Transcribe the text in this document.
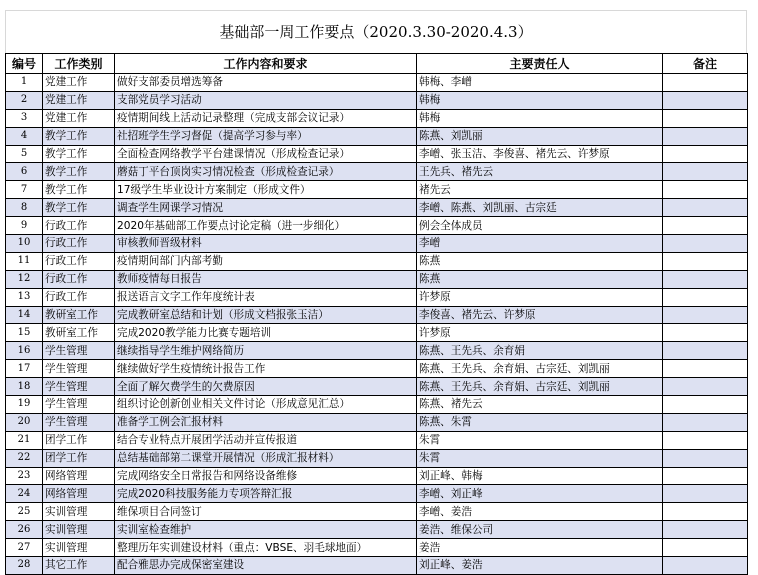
基础部一周工作要点（2020.3.30-2020.4.3）
编号	工作类别	工作内容和要求	主要责任人	备注
1	党建工作	做好支部委员增选筹备	韩梅、李嶒	
2	党建工作	支部党员学习活动	韩梅	
3	党建工作	疫情期间线上活动记录整理（完成支部会议记录）	韩梅	
4	教学工作	社招班学生学习督促（提高学习参与率）	陈燕、刘凯丽	
5	教学工作	全面检查网络教学平台建课情况（形成检查记录）	李嶒、张玉洁、李俊喜、褚先云、许梦原	
6	教学工作	蘑菇丁平台顶岗实习情况检查（形成检查记录）	王先兵、褚先云	
7	教学工作	17级学生毕业设计方案制定（形成文件）	褚先云	
8	教学工作	调查学生网课学习情况	李嶒、陈燕、刘凯丽、古宗廷	
9	行政工作	2020年基础部工作要点讨论定稿（进一步细化）	例会全体成员	
10	行政工作	审核教师晋级材料	李嶒	
11	行政工作	疫情期间部门内部考勤	陈燕	
12	行政工作	教师疫情每日报告	陈燕	
13	行政工作	报送语言文字工作年度统计表	许梦原	
14	教研室工作	完成教研室总结和计划（形成文档报张玉洁）	李俊喜、褚先云、许梦原	
15	教研室工作	完成2020教学能力比赛专题培训	许梦原	
16	学生管理	继续指导学生维护网络简历	陈燕、王先兵、余育娟	
17	学生管理	继续做好学生疫情统计报告工作	陈燕、王先兵、余育娟、古宗廷、刘凯丽	
18	学生管理	全面了解欠费学生的欠费原因	陈燕、王先兵、余育娟、古宗廷、刘凯丽	
19	学生管理	组织讨论创新创业相关文件讨论（形成意见汇总）	陈燕、褚先云	
20	学生管理	准备学工例会汇报材料	陈燕、朱霄	
21	团学工作	结合专业特点开展团学活动并宣传报道	朱霄	
22	团学工作	总结基础部第二课堂开展情况（形成汇报材料）	朱霄	
23	网络管理	完成网络安全日常报告和网络设备维修	刘正峰、韩梅	
24	网络管理	完成2020科技服务能力专项答辩汇报	李嶒、刘正峰	
25	实训管理	维保项目合同签订	李嶒、姜浩	
26	实训管理	实训室检查维护	姜浩、维保公司	
27	实训管理	整理历年实训建设材料（重点：VBSE、羽毛球地面）	姜浩	
28	其它工作	配合雅思办完成保密室建设	刘正峰、姜浩	
